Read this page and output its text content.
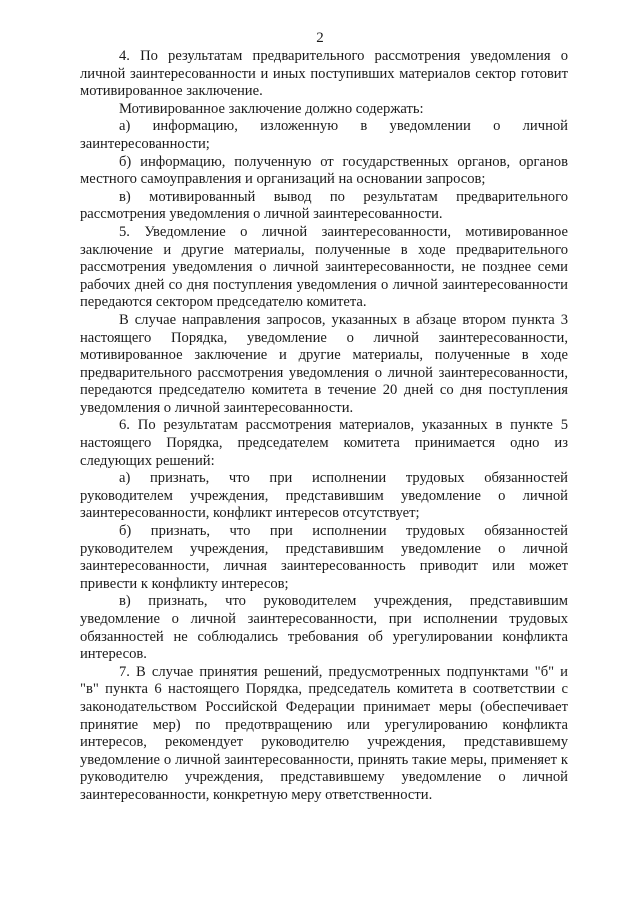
2

4. По результатам предварительного рассмотрения уведомления о личной заинтересованности и иных поступивших материалов сектор готовит мотивированное заключение.

Мотивированное заключение должно содержать:

а) информацию, изложенную в уведомлении о личной заинтересованности;

б) информацию, полученную от государственных органов, органов местного самоуправления и организаций на основании запросов;

в) мотивированный вывод по результатам предварительного рассмотрения уведомления о личной заинтересованности.

5. Уведомление о личной заинтересованности, мотивированное заключение и другие материалы, полученные в ходе предварительного рассмотрения уведомления о личной заинтересованности, не позднее семи рабочих дней со дня поступления уведомления о личной заинтересованности передаются сектором председателю комитета.

В случае направления запросов, указанных в абзаце втором пункта 3 настоящего Порядка, уведомление о личной заинтересованности, мотивированное заключение и другие материалы, полученные в ходе предварительного рассмотрения уведомления о личной заинтересованности, передаются председателю комитета в течение 20 дней со дня поступления уведомления о личной заинтересованности.

6. По результатам рассмотрения материалов, указанных в пункте 5 настоящего Порядка, председателем комитета принимается одно из следующих решений:

а) признать, что при исполнении трудовых обязанностей руководителем учреждения, представившим уведомление о личной заинтересованности, конфликт интересов отсутствует;

б) признать, что при исполнении трудовых обязанностей руководителем учреждения, представившим уведомление о личной заинтересованности, личная заинтересованность приводит или может привести к конфликту интересов;

в) признать, что руководителем учреждения, представившим уведомление о личной заинтересованности, при исполнении трудовых обязанностей не соблюдались требования об урегулировании конфликта интересов.

7. В случае принятия решений, предусмотренных подпунктами "б" и "в" пункта 6 настоящего Порядка, председатель комитета в соответствии с законодательством Российской Федерации принимает меры (обеспечивает принятие мер) по предотвращению или урегулированию конфликта интересов, рекомендует руководителю учреждения, представившему уведомление о личной заинтересованности, принять такие меры, применяет к руководителю учреждения, представившему уведомление о личной заинтересованности, конкретную меру ответственности.
